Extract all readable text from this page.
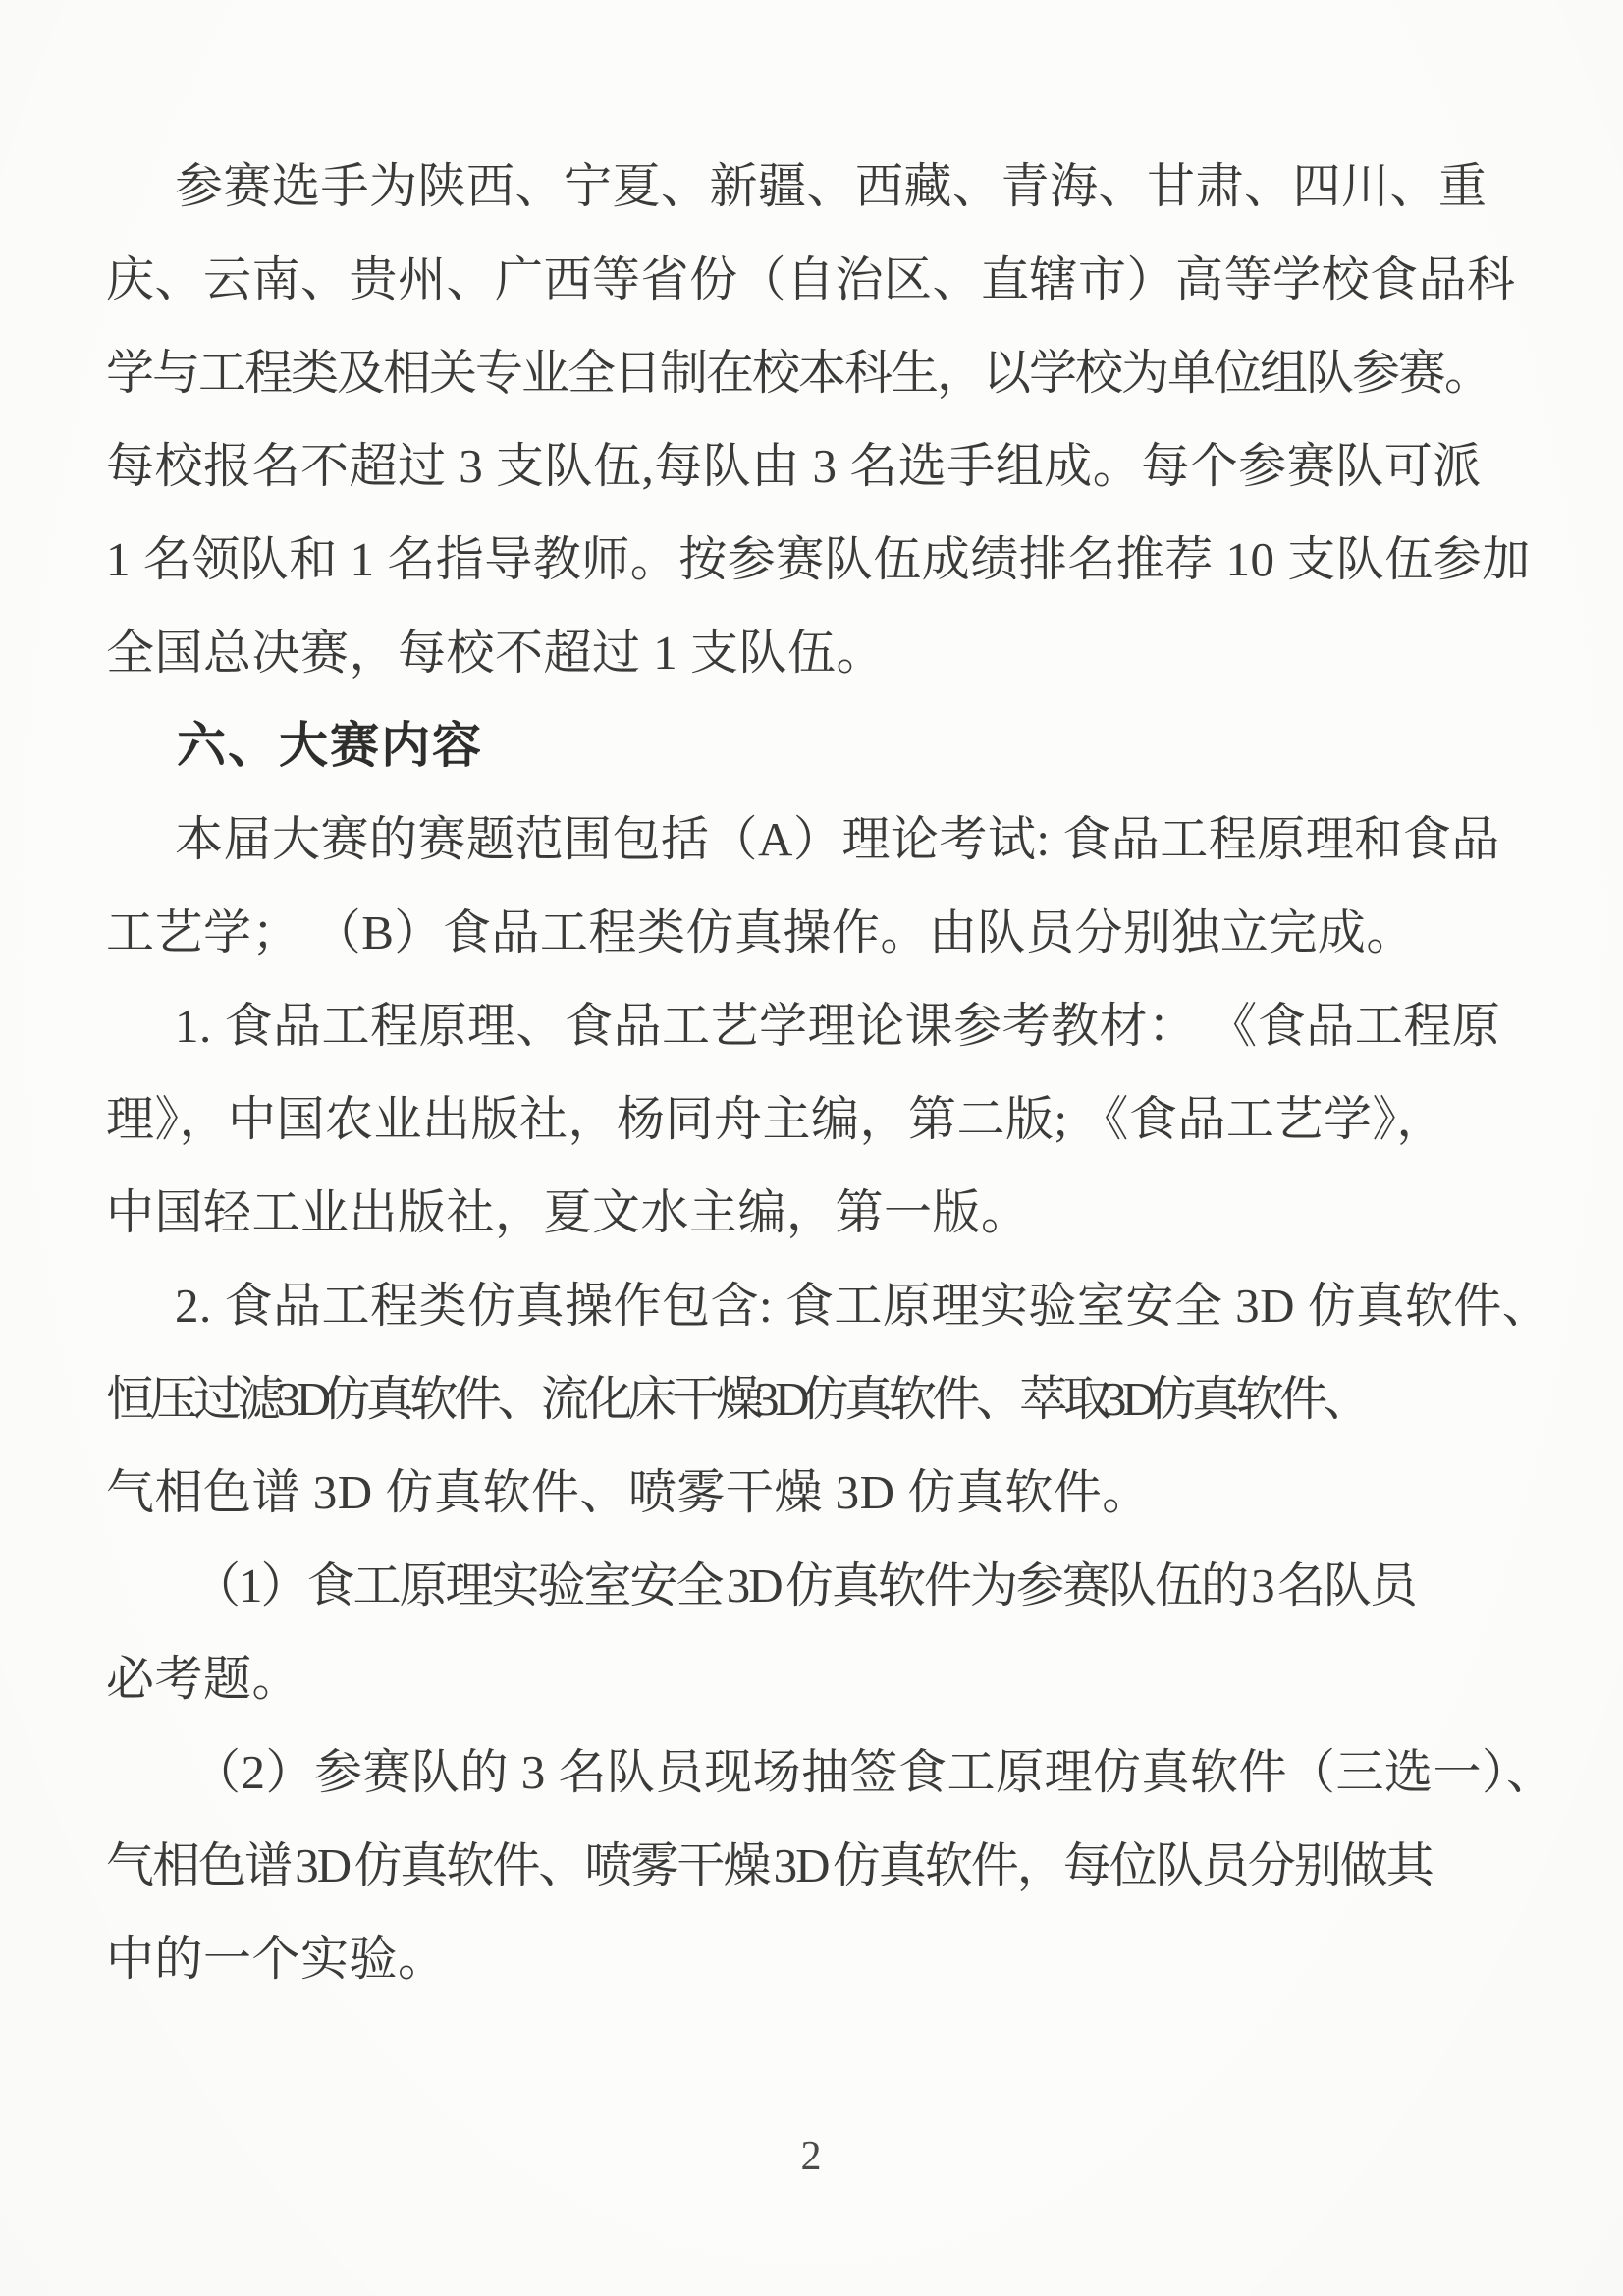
参赛选手为陕西、宁夏、新疆、西藏、青海、甘肃、四川、重
庆、云南、贵州、广西等省份（自治区、直辖市）高等学校食品科
学与工程类及相关专业全日制在校本科生，以学校为单位组队参赛。
每校报名不超过 3 支队伍,每队由 3 名选手组成。每个参赛队可派
1 名领队和 1 名指导教师。按参赛队伍成绩排名推荐 10 支队伍参加
全国总决赛，每校不超过 1 支队伍。
六、大赛内容
本届大赛的赛题范围包括（A）理论考试: 食品工程原理和食品
工艺学； （B）食品工程类仿真操作。由队员分别独立完成。
1. 食品工程原理、食品工艺学理论课参考教材： 《食品工程原
理》，中国农业出版社，杨同舟主编，第二版; 《食品工艺学》，
中国轻工业出版社，夏文水主编，第一版。
2. 食品工程类仿真操作包含: 食工原理实验室安全 3D 仿真软件、
恒压过滤 3D 仿真软件、流化床干燥 3D 仿真软件、萃取 3D 仿真软件、
气相色谱 3D 仿真软件、喷雾干燥 3D 仿真软件。
（1）食工原理实验室安全 3D 仿真软件为参赛队伍的 3 名队员
必考题。
（2）参赛队的 3 名队员现场抽签食工原理仿真软件（三选一）、
气相色谱 3D 仿真软件、喷雾干燥 3D 仿真软件，每位队员分别做其
中的一个实验。
2
